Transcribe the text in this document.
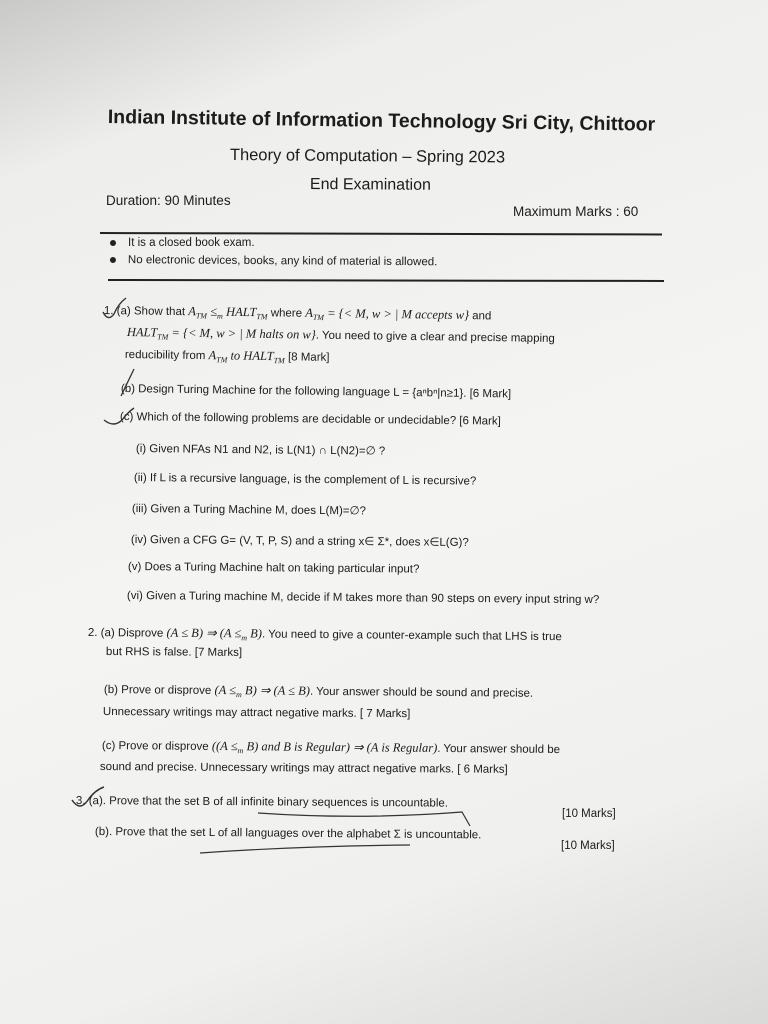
Indian Institute of Information Technology Sri City, Chittoor
Theory of Computation – Spring 2023
End Examination
Duration: 90 Minutes
Maximum Marks : 60
It is a closed book exam.
No electronic devices, books, any kind of material is allowed.
1. (a) Show that $A_{TM} \le_m$ $HALT_{TM}$ where $A_{TM}$ = {< M, w > | M accepts w} and
$HALT_{TM}$ = {< M, w > | M halts on w}. You need to give a clear and precise mapping
reducibility from $A_{TM}$ to $HALT_{TM}$ [8 Mark]
(b) Design Turing Machine for the following language L = {aⁿbⁿ|n≥1}. [6 Mark]
(c) Which of the following problems are decidable or undecidable? [6 Mark]
(i) Given NFAs N1 and N2, is L(N1) ∩ L(N2)=∅ ?
(ii) If L is a recursive language, is the complement of L is recursive?
(iii) Given a Turing Machine M, does L(M)=∅?
(iv) Given a CFG G= (V, T, P, S) and a string x∈ Σ*, does x∈L(G)?
(v) Does a Turing Machine halt on taking particular input?
(vi) Given a Turing machine M, decide if M takes more than 90 steps on every input string w?
2. (a) Disprove (A ≤ B) ⇒ ($A \le_m$ B). You need to give a counter-example such that LHS is true
but RHS is false. [7 Marks]
(b) Prove or disprove ($A \le_m$ B) ⇒ (A ≤ B). Your answer should be sound and precise.
Unnecessary writings may attract negative marks. [ 7 Marks]
(c) Prove or disprove (($A \le_m$ B) and B is Regular) ⇒ (A is Regular). Your answer should be
sound and precise. Unnecessary writings may attract negative marks. [ 6 Marks]
3. (a). Prove that the set B of all infinite binary sequences is uncountable.
[10 Marks]
(b). Prove that the set L of all languages over the alphabet Σ is uncountable.
[10 Marks]
